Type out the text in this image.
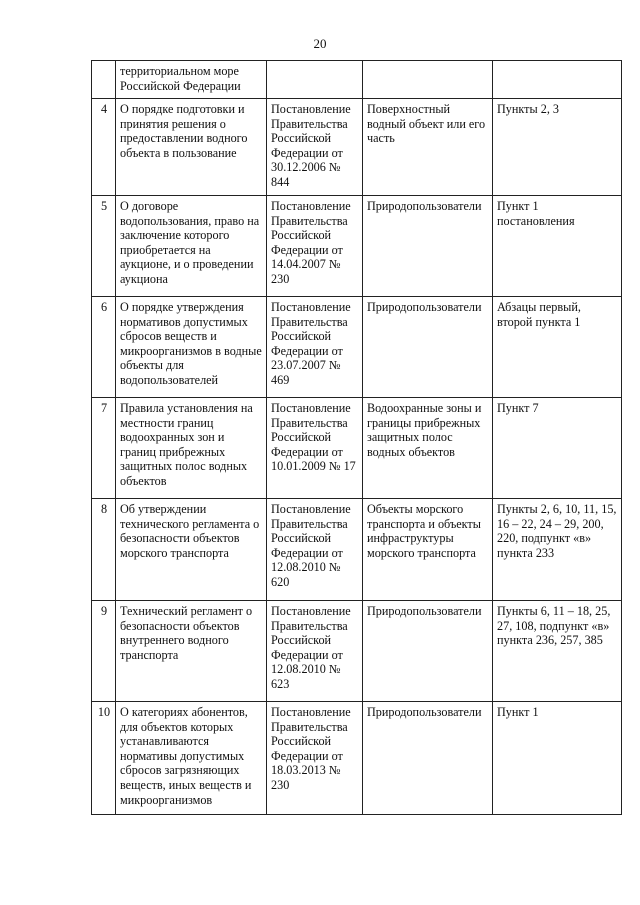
20
	территориальном море Российской Федерации			
4	О порядке подготовки и принятия решения о предоставлении водного объекта в пользование	Постановление Правительства Российской Федерации от 30.12.2006 № 844	Поверхностный водный объект или его часть	Пункты 2, 3
5	О договоре водопользования, право на заключение которого приобретается на аукционе, и о проведении аукциона	Постановление Правительства Российской Федерации от 14.04.2007 № 230	Природопользователи	Пункт 1 постановления
6	О порядке утверждения нормативов допустимых сбросов веществ и микроорганизмов в водные объекты для водопользователей	Постановление Правительства Российской Федерации от 23.07.2007 № 469	Природопользователи	Абзацы первый, второй пункта 1
7	Правила установления на местности границ водоохранных зон и границ прибрежных защитных полос водных объектов	Постановление Правительства Российской Федерации от 10.01.2009 № 17	Водоохранные зоны и границы прибрежных защитных полос водных объектов	Пункт 7
8	Об утверждении технического регламента о безопасности объектов морского транспорта	Постановление Правительства Российской Федерации от 12.08.2010 № 620	Объекты морского транспорта и объекты инфраструктуры морского транспорта	Пункты 2, 6, 10, 11, 15, 16 – 22, 24 – 29, 200, 220, подпункт «в» пункта 233
9	Технический регламент о безопасности объектов внутреннего водного транспорта	Постановление Правительства Российской Федерации от 12.08.2010 № 623	Природопользователи	Пункты 6, 11 – 18, 25, 27, 108, подпункт «в» пункта 236, 257, 385
10	О категориях абонентов, для объектов которых устанавливаются нормативы допустимых сбросов загрязняющих веществ, иных веществ и микроорганизмов	Постановление Правительства Российской Федерации от 18.03.2013 № 230	Природопользователи	Пункт 1
